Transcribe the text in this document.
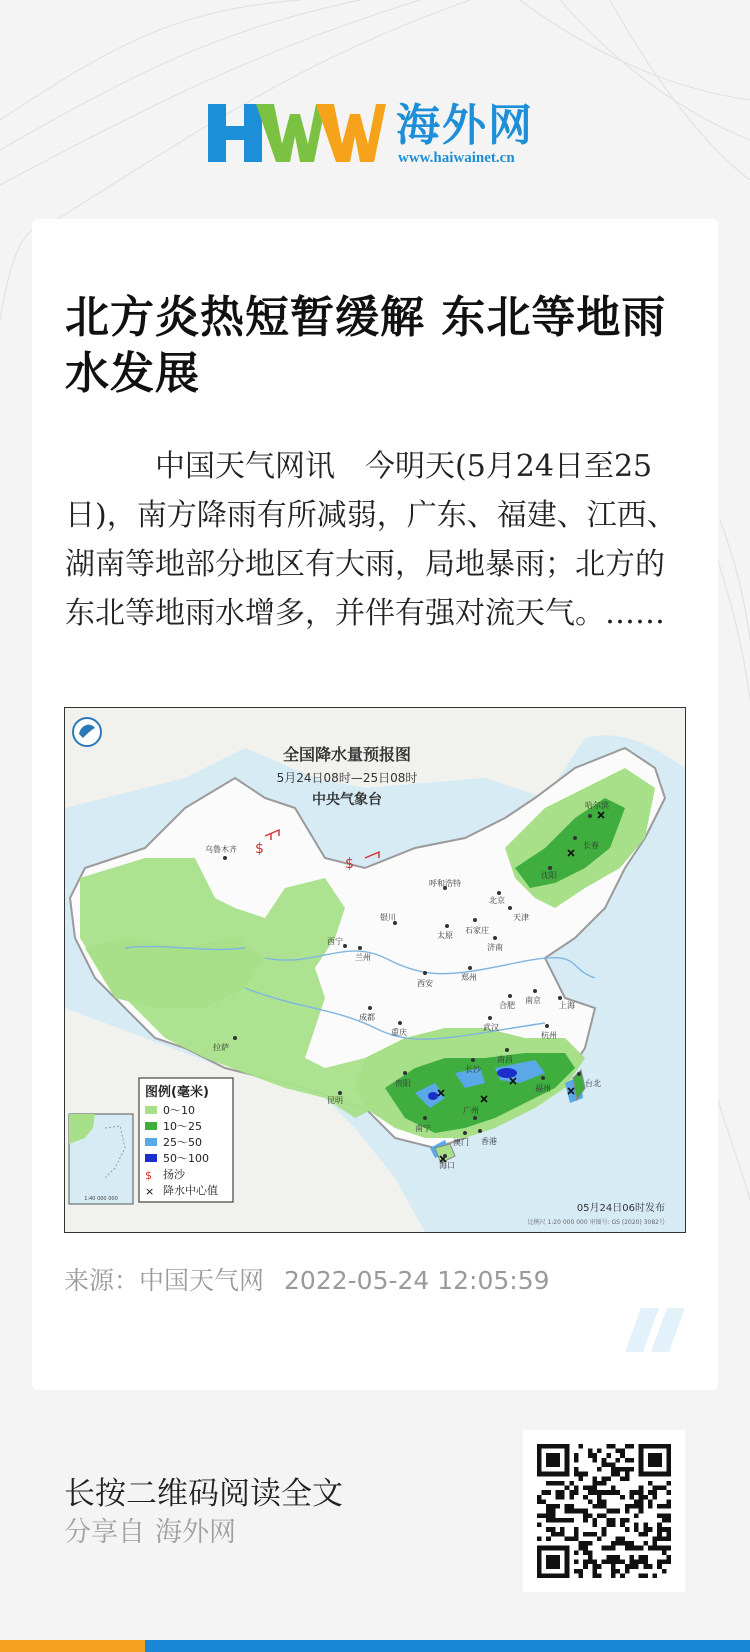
海外网
www.haiwainet.cn
北方炎热短暂缓解 东北等地雨水发展
中国天气网讯　今明天(5月24日至25日)，南方降雨有所减弱，广东、福建、江西、湖南等地部分地区有大雨，局地暴雨；北方的东北等地雨水增多，并伴有强对流天气。……
全国降水量预报图
5月24日08时—25日08时
中央气象台
$
$
哈尔滨
长春
沈阳
北京
天津
乌鲁木齐
呼和浩特
银川
太原
石家庄
济南
西宁
兰州
郑州
西安
合肥
南京
上海
成都
拉萨
重庆
武汉
杭州
长沙
南昌
贵阳
福州
昆明
南宁
广州
台北
澳门 香港
海口
1:40 000 000
图例(毫米)
0～10
10～25
25～50
50～100
$ 扬沙
× 降水中心值
05月24日06时发布
比例尺 1:20 000 000 审图号: GS (2020) 3082号
来源：中国天气网 2022-05-24 12:05:59
长按二维码阅读全文
分享自 海外网
